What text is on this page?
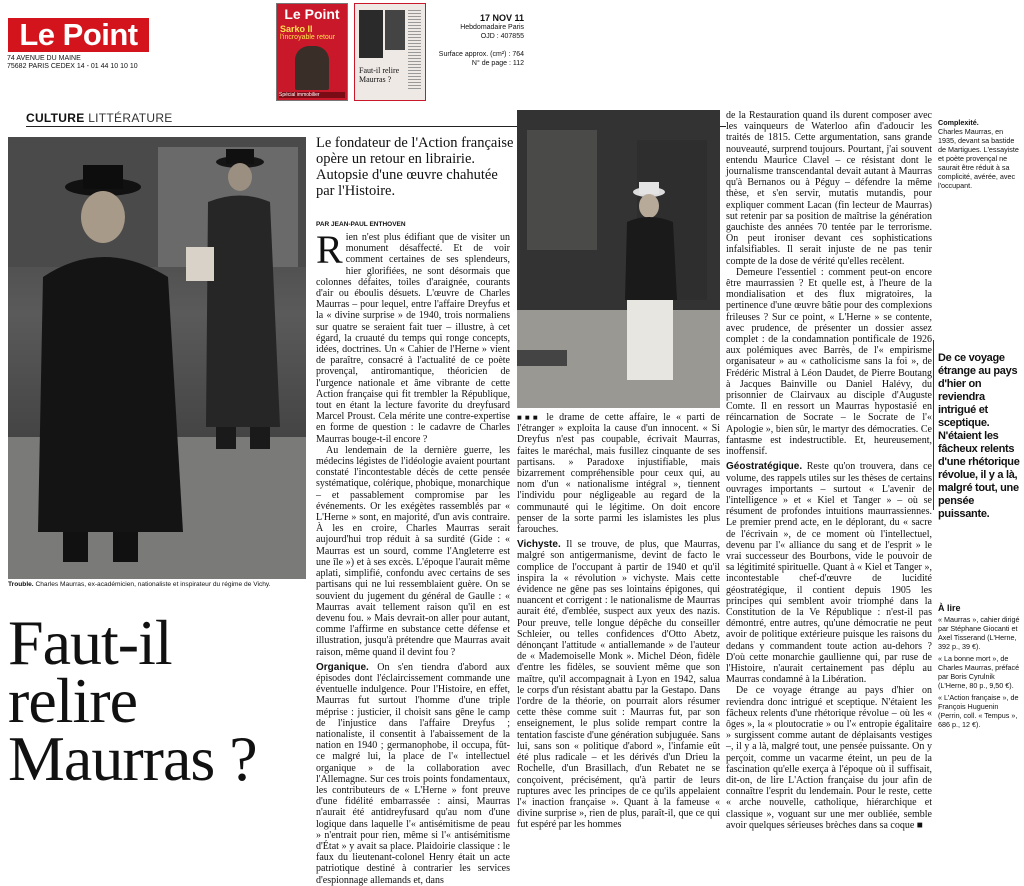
Le Point
74 AVENUE DU MAINE
75682 PARIS CEDEX 14 - 01 44 10 10 10
Le Point
Sarko II
l'incroyable retour
Spécial immobilier
Faut-il relire Maurras ?
17 NOV 11
Hebdomadaire Paris
OJD : 407855
Surface approx. (cm²) : 764
N° de page : 112
CULTURE LITTÉRATURE
Trouble. Charles Maurras, ex-académicien, nationaliste et inspirateur du régime de Vichy.
Faut-il relire Maurras ?
Le fondateur de l'Action française opère un retour en librairie. Autopsie d'une œuvre chahutée par l'Histoire.
PAR JEAN-PAUL ENTHOVEN

Rien n'est plus édifiant que de visiter un monument désaffecté. Et de voir comment certaines de ses splendeurs, hier glorifiées, ne sont désormais que colonnes défaites, toiles d'araignée, courants d'air ou éboulis désuets. L'œuvre de Charles Maurras – pour lequel, entre l'affaire Dreyfus et la « divine surprise » de 1940, trois normaliens sur quatre se seraient fait tuer – illustre, à cet égard, la cruauté du temps qui ronge concepts, idées, doctrines. Un « Cahier de l'Herne » vient de paraître, consacré à l'actualité de ce poète provençal, antiromantique, théoricien de l'urgence nationale et âme vibrante de cette Action française qui fit trembler la République, tout en étant la lecture favorite du dreyfusard Marcel Proust. Cela mérite une contre-expertise en forme de question : le cadavre de Charles Maurras bouge-t-il encore ?

Au lendemain de la dernière guerre, les médecins légistes de l'idéologie avaient pourtant constaté l'incontestable décès de cette pensée systématique, colérique, phobique, monarchique – et passablement compromise par les événements. Or les exégètes rassemblés par « L'Herne » sont, en majorité, d'un avis contraire. À les en croire, Charles Maurras serait aujourd'hui trop réduit à sa surdité (Gide : « Maurras est un sourd, comme l'Angleterre est une île ») et à ses excès. L'époque l'aurait même aplati, simplifié, confondu avec certains de ses partisans qui ne lui ressemblaient guère. On se souvient du jugement du général de Gaulle : « Maurras avait tellement raison qu'il en est devenu fou. » Mais devrait-on aller pour autant, comme l'affirme en substance cette défense et illustration, jusqu'à prétendre que Maurras avait raison, même quand il devint fou ?

Organique. On s'en tiendra d'abord aux épisodes dont l'éclaircissement commande une éventuelle indulgence. Pour l'Histoire, en effet, Maurras fut surtout l'homme d'une triple méprise : justicier, il choisit sans gêne le camp de l'injustice dans l'affaire Dreyfus ; nationaliste, il consentit à l'abaissement de la nation en 1940 ; germanophobe, il occupa, fût-ce malgré lui, la place de l'« intellectuel organique » de la collaboration avec l'Allemagne. Sur ces trois points fondamentaux, les contributeurs de « L'Herne » font preuve d'une fidélité embarrassée : ainsi, Maurras n'aurait été antidreyfusard qu'au nom d'une logique dans laquelle l'« antisémitisme de peau » n'entrait pour rien, même si l'« antisémitisme d'État » y avait sa place. Plaidoirie classique : le faux du lieutenant-colonel Henry était un acte patriotique destiné à contrarier les services d'espionnage allemands et, dans

■■■ le drame de cette affaire, le « parti de l'étranger » exploita la cause d'un innocent. « Si Dreyfus n'est pas coupable, écrivait Maurras, faites le maréchal, mais fusillez cinquante de ses partisans. » Paradoxe injustifiable, mais bizarrement compréhensible pour ceux qui, au nom d'un « nationalisme intégral », tiennent l'individu pour négligeable au regard de la communauté qui le légitime. On doit encore penser de la sorte parmi les islamistes les plus farouches.

Vichyste. Il se trouve, de plus, que Maurras, malgré son antigermanisme, devint de facto le complice de l'occupant à partir de 1940 et qu'il inspira la « révolution » vichyste. Mais cette évidence ne gêne pas ses lointains épigones, qui nuancent et corrigent : le nationalisme de Maurras aurait été, d'emblée, suspect aux yeux des nazis. Pour preuve, telle longue dépêche du conseiller Schleier, ou telles confidences d'Otto Abetz, dénonçant l'attitude « antiallemande » de l'auteur de « Mademoiselle Monk ». Michel Déon, fidèle d'entre les fidèles, se souvient même que son maître, qu'il accompagnait à Lyon en 1942, salua le corps d'un résistant abattu par la Gestapo. Dans l'ordre de la théorie, on pourrait alors résumer cette thèse comme suit : Maurras fut, par son enseignement, le plus solide rempart contre la tentation fasciste d'une génération subjuguée. Sans lui, sans son « politique d'abord », l'infamie eût été plus radicale – et les dérivés d'un Drieu la Rochelle, d'un Brasillach, d'un Rebatet ne se conçoivent, précisément, qu'à partir de leurs ruptures avec les principes de ce qu'ils appelaient l'« inaction française ». Quant à la fameuse « divine surprise », rien de plus, paraît-il, que ce qui fut espéré par les hommes

de la Restauration quand ils durent composer avec les vainqueurs de Waterloo afin d'adoucir les traités de 1815. Cette argumentation, sans grande nouveauté, surprend toujours. Pourtant, j'ai souvent entendu Maurice Clavel – ce résistant dont le journalisme transcendantal devait autant à Maurras qu'à Bernanos ou à Péguy – défendre la même thèse, et s'en servir, mutatis mutandis, pour expliquer comment Lacan (fin lecteur de Maurras) sut retenir par sa position de maîtrise la génération gauchiste des années 70 tentée par le terrorisme. On peut ironiser devant ces sophistications infalsifiables. Il serait injuste de ne pas tenir compte de la dose de vérité qu'elles recèlent.

Demeure l'essentiel : comment peut-on encore être maurrassien ? Et quelle est, à l'heure de la mondialisation et des flux migratoires, la pertinence d'une œuvre bâtie pour des complexions frileuses ? Sur ce point, « L'Herne » se contente, avec prudence, de présenter un dossier assez complet : de la condamnation pontificale de 1926 aux polémiques avec Barrès, de l'« empirisme organisateur » au « catholicisme sans la foi », de Frédéric Mistral à Léon Daudet, de Pierre Boutang à Jacques Bainville ou Daniel Halévy, du prisonnier de Clairvaux au disciple d'Auguste Comte. Il en ressort un Maurras hypostasié en réincarnation de Socrate – le Socrate de l'« Apologie », bien sûr, le martyr des démocraties. Ce fantasme est indestructible. Et, heureusement, inoffensif.

Géostratégique. Reste qu'on trouvera, dans ce volume, des rappels utiles sur les thèses de certains ouvrages importants – surtout « L'avenir de l'intelligence » et « Kiel et Tanger » – où se résument de profondes intuitions maurrassiennes. Le premier prend acte, en le déplorant, du « sacre de l'écrivain », de ce moment où l'intellectuel, devenu par l'« alliance du sang et de l'esprit » le vrai successeur des Bourbons, vide le pouvoir de sa légitimité spirituelle. Quant à « Kiel et Tanger », incontestable chef-d'œuvre de lucidité géostratégique, il contient depuis 1905 les principes qui semblent avoir triomphé dans la Constitution de la Ve République : n'est-il pas démontré, entre autres, qu'une démocratie ne peut avoir de politique extérieure puisque les raisons du dedans y commandent toute action au-dehors ? D'où cette monarchie gaullienne qui, par ruse de l'Histoire, n'aurait certainement pas déplu au Maurras condamné à la Libération.

De ce voyage étrange au pays d'hier on reviendra donc intrigué et sceptique. N'étaient les fâcheux relents d'une rhétorique révolue – où les « ôges », la « ploutocratie » ou l'« entropie égalitaire » surgissent comme autant de déplaisants vestiges –, il y a là, malgré tout, une pensée puissante. On y perçoit, comme un vacarme éteint, un peu de la fascination qu'elle exerça à l'époque où il suffisait, dit-on, de lire L'Action française du jour afin de connaître l'esprit du lendemain. Pour le reste, cette « arche nouvelle, catholique, hiérarchique et classique », voguant sur une mer oubliée, semble avoir quelques sérieuses brèches dans sa coque ■

Complexité.
Charles Maurras, en 1935, devant sa bastide de Martigues. L'essayiste et poète provençal ne saurait être réduit à sa complicité, avérée, avec l'occupant.
De ce voyage étrange au pays d'hier on reviendra intrigué et sceptique. N'étaient les fâcheux relents d'une rhétorique révolue, il y a là, malgré tout, une pensée puissante.
À lire
« Maurras », cahier dirigé par Stéphane Giocanti et Axel Tisserand (L'Herne, 392 p., 39 €).
« La bonne mort », de Charles Maurras, préfacé par Boris Cyrulnik (L'Herne, 80 p., 9,50 €).
« L'Action française », de François Huguenin (Perrin, coll. « Tempus », 686 p., 12 €).
